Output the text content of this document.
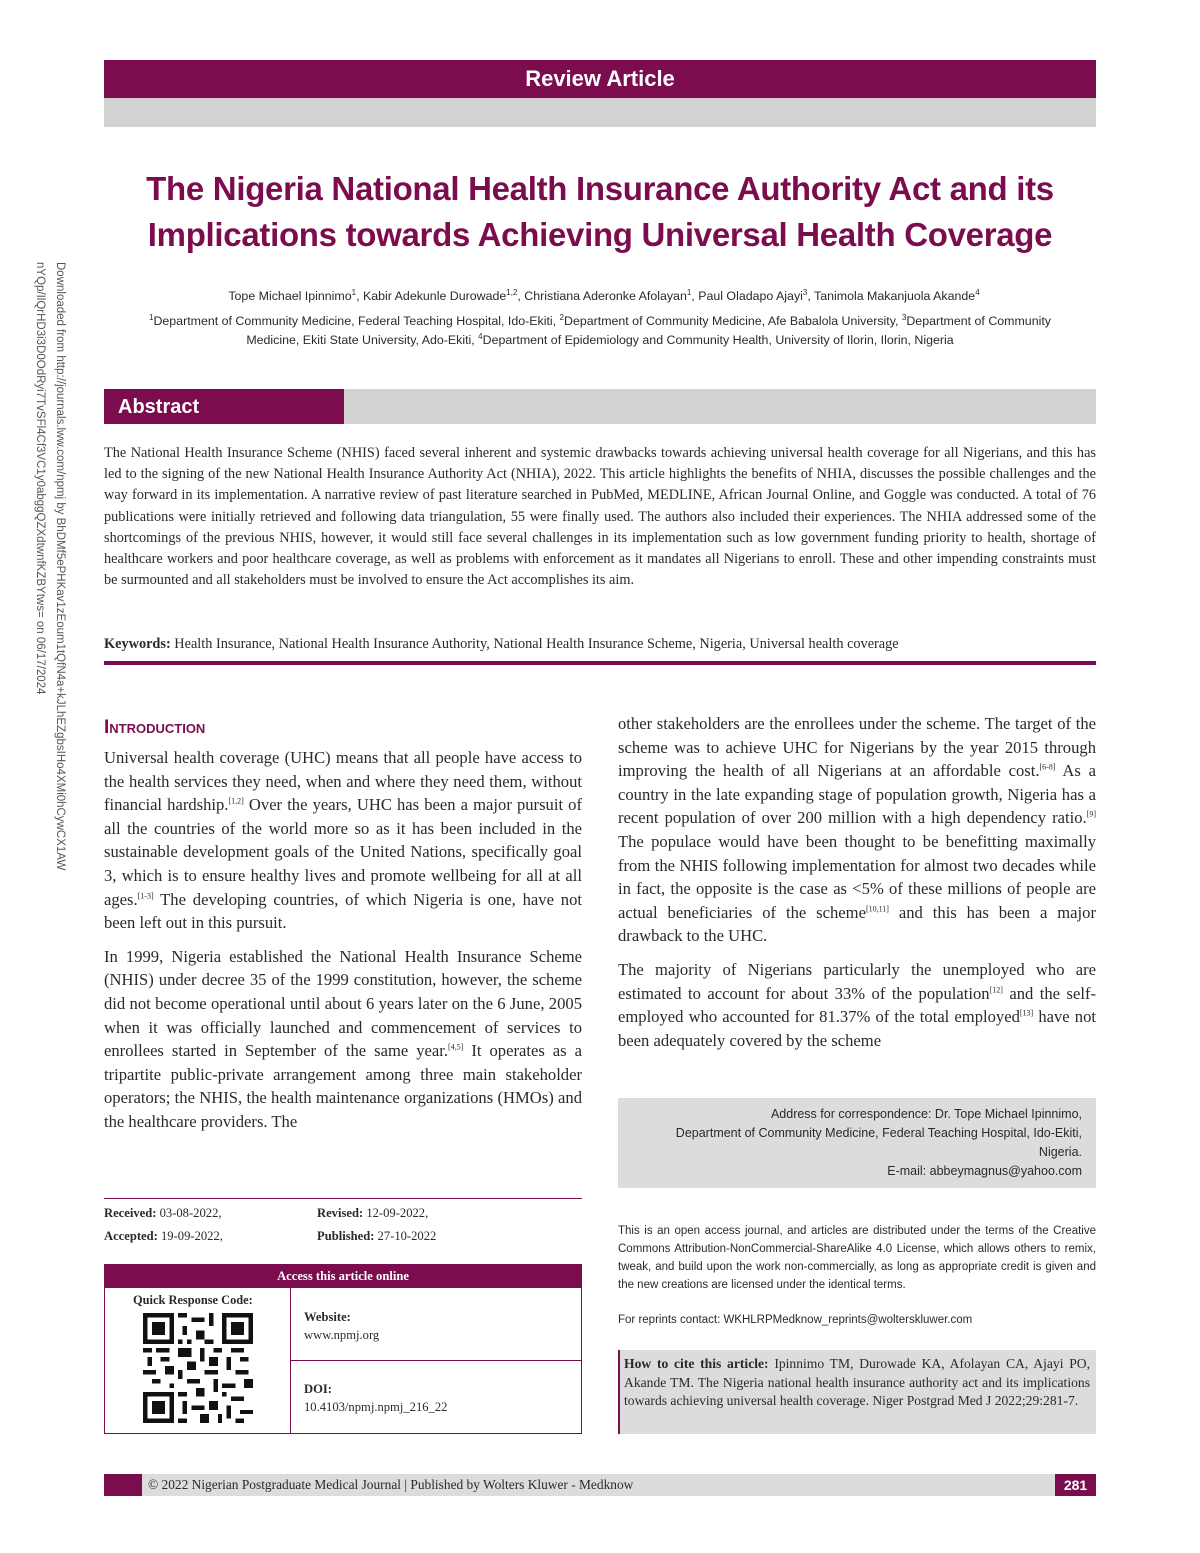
Review Article
The Nigeria National Health Insurance Authority Act and its
Implications towards Achieving Universal Health Coverage
Tope Michael Ipinnimo$^1$, Kabir Adekunle Durowade$^{1,2}$, Christiana Aderonke Afolayan$^1$, Paul Oladapo Ajayi$^3$, Tanimola Makanjuola Akande$^4$
$^1$Department of Community Medicine, Federal Teaching Hospital, Ido-Ekiti, $^2$Department of Community Medicine, Afe Babalola University, $^3$Department of Community
Medicine, Ekiti State University, Ado-Ekiti, $^4$Department of Epidemiology and Community Health, University of Ilorin, Ilorin, Nigeria
Downloaded from http://journals.lww.com/npmj by BhDMf5ePHKav1zEoum1tQfN4a+kJLhEZgbsIHo4XMi0hCywCX1AW nYQp/IlQrHD3i3D0OdRyi7TvSFl4Cf3VC1y0abggQZXdtwnfKZBYtws= on 06/17/2024	Abstract
The National Health Insurance Scheme (NHIS) faced several inherent and systemic drawbacks towards achieving universal health coverage for all Nigerians, and this has led to the signing of the new National Health Insurance Authority Act (NHIA), 2022. This article highlights the benefits of NHIA, discusses the possible challenges and the way forward in its implementation. A narrative review of past literature searched in PubMed, MEDLINE, African Journal Online, and Goggle was conducted. A total of 76 publications were initially retrieved and following data triangulation, 55 were finally used. The authors also included their experiences. The NHIA addressed some of the shortcomings of the previous NHIS, however, it would still face several challenges in its implementation such as low government funding priority to health, shortage of healthcare workers and poor healthcare coverage, as well as problems with enforcement as it mandates all Nigerians to enroll. These and other impending constraints must be surmounted and all stakeholders must be involved to ensure the Act accomplishes its aim.
Keywords: Health Insurance, National Health Insurance Authority, National Health Insurance Scheme, Nigeria, Universal health coverage
Introduction

Universal health coverage (UHC) means that all people have access to the health services they need, when and where they need them, without financial hardship.[1,2] Over the years, UHC has been a major pursuit of all the countries of the world more so as it has been included in the sustainable development goals of the United Nations, specifically goal 3, which is to ensure healthy lives and promote wellbeing for all at all ages.[1-3] The developing countries, of which Nigeria is one, have not been left out in this pursuit.

In 1999, Nigeria established the National Health Insurance Scheme (NHIS) under decree 35 of the 1999 constitution, however, the scheme did not become operational until about 6 years later on the 6 June, 2005 when it was officially launched and commencement of services to enrollees started in September of the same year.[4,5] It operates as a tripartite public-private arrangement among three main stakeholder operators; the NHIS, the health maintenance organizations (HMOs) and the healthcare providers. The

other stakeholders are the enrollees under the scheme. The target of the scheme was to achieve UHC for Nigerians by the year 2015 through improving the health of all Nigerians at an affordable cost.[6-8] As a country in the late expanding stage of population growth, Nigeria has a recent population of over 200 million with a high dependency ratio.[9] The populace would have been thought to be benefitting maximally from the NHIS following implementation for almost two decades while in fact, the opposite is the case as <5% of these millions of people are actual beneficiaries of the scheme[10,11] and this has been a major drawback to the UHC.

The majority of Nigerians particularly the unemployed who are estimated to account for about 33% of the population[12] and the self-employed who accounted for 81.37% of the total employed[13] have not been adequately covered by the scheme

Address for correspondence: Dr. Tope Michael Ipinnimo,
Department of Community Medicine, Federal Teaching Hospital, Ido-Ekiti,
Nigeria.
E-mail: abbeymagnus@yahoo.com
Received: 03-08-2022,	Revised: 12-09-2022,
Accepted: 19-09-2022,	Published: 27-10-2022
Access this article online
Quick Response Code:
Website:
www.npmj.org
DOI:
10.4103/npmj.npmj_216_22
This is an open access journal, and articles are distributed under the terms of the Creative Commons Attribution-NonCommercial-ShareAlike 4.0 License, which allows others to remix, tweak, and build upon the work non-commercially, as long as appropriate credit is given and the new creations are licensed under the identical terms.
For reprints contact: WKHLRPMedknow_reprints@wolterskluwer.com
How to cite this article: Ipinnimo TM, Durowade KA, Afolayan CA, Ajayi PO, Akande TM. The Nigeria national health insurance authority act and its implications towards achieving universal health coverage. Niger Postgrad Med J 2022;29:281-7.
© 2022 Nigerian Postgraduate Medical Journal | Published by Wolters Kluwer - Medknow	281
